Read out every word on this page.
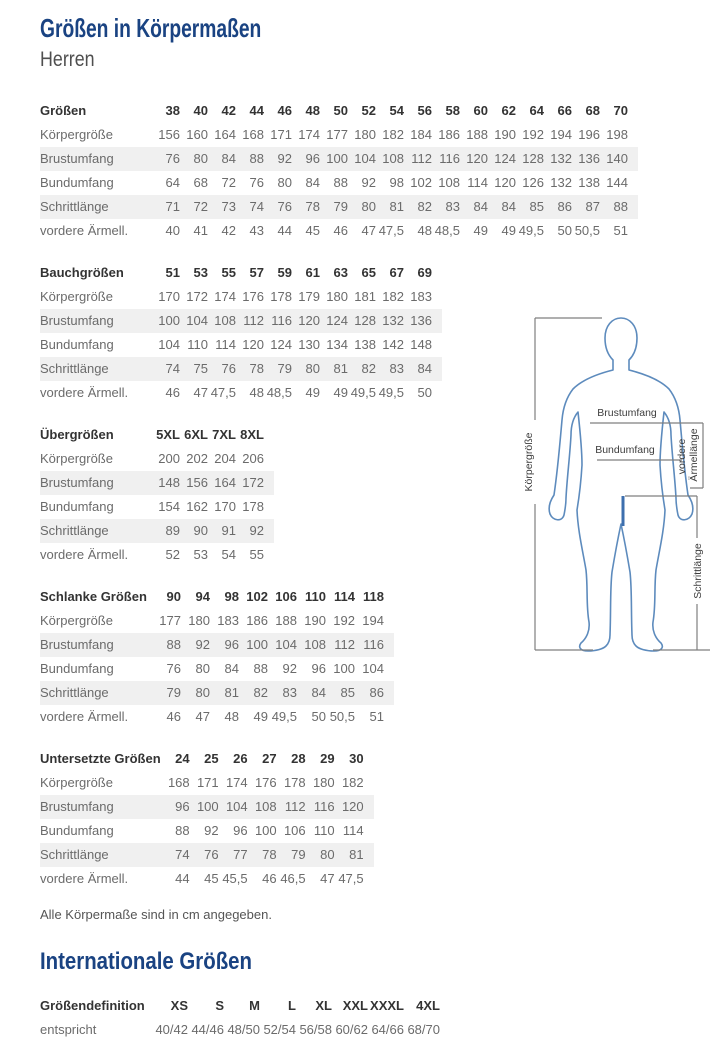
Größen in Körpermaßen
Herren
Größen	38	40	42	44	46	48	50	52	54	56	58	60	62	64	66	68	70
Körpergröße	156	160	164	168	171	174	177	180	182	184	186	188	190	192	194	196	198
Brustumfang	76	80	84	88	92	96	100	104	108	112	116	120	124	128	132	136	140
Bundumfang	64	68	72	76	80	84	88	92	98	102	108	114	120	126	132	138	144
Schrittlänge	71	72	73	74	76	78	79	80	81	82	83	84	84	85	86	87	88
vordere Ärmell.	40	41	42	43	44	45	46	47	47,5	48	48,5	49	49	49,5	50	50,5	51
Bauchgrößen	51	53	55	57	59	61	63	65	67	69
Körpergröße	170	172	174	176	178	179	180	181	182	183
Brustumfang	100	104	108	112	116	120	124	128	132	136
Bundumfang	104	110	114	120	124	130	134	138	142	148
Schrittlänge	74	75	76	78	79	80	81	82	83	84
vordere Ärmell.	46	47	47,5	48	48,5	49	49	49,5	49,5	50
Übergrößen	5XL	6XL	7XL	8XL
Körpergröße	200	202	204	206
Brustumfang	148	156	164	172
Bundumfang	154	162	170	178
Schrittlänge	89	90	91	92
vordere Ärmell.	52	53	54	55
Schlanke Größen	90	94	98	102	106	110	114	118
Körpergröße	177	180	183	186	188	190	192	194
Brustumfang	88	92	96	100	104	108	112	116
Bundumfang	76	80	84	88	92	96	100	104
Schrittlänge	79	80	81	82	83	84	85	86
vordere Ärmell.	46	47	48	49	49,5	50	50,5	51
Untersetzte Größen	24	25	26	27	28	29	30
Körpergröße	168	171	174	176	178	180	182
Brustumfang	96	100	104	108	112	116	120
Bundumfang	88	92	96	100	106	110	114
Schrittlänge	74	76	77	78	79	80	81
vordere Ärmell.	44	45	45,5	46	46,5	47	47,5
Alle Körpermaße sind in cm angegeben.
Internationale Größen
Größendefinition	XS	S	M	L	XL	XXL	XXXL	4XL
entspricht	40/42	44/46	48/50	52/54	56/58	60/62	64/66	68/70
Brustumfang
Bundumfang
Körpergröße	vordere Ärmellänge
Schrittlänge
